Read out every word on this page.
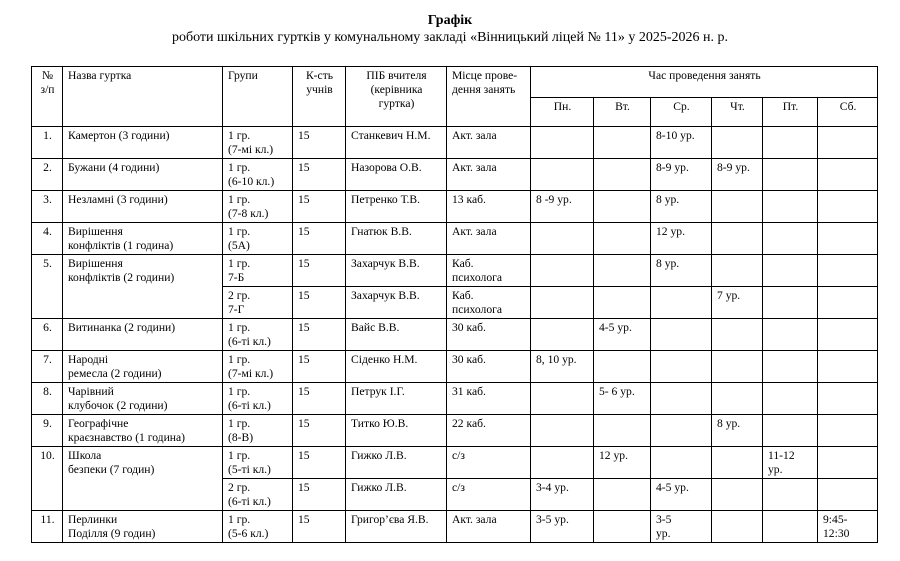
Графік
роботи шкільних гуртків у комунальному закладі «Вінницький ліцей № 11» у 2025-2026 н. р.
№
з/п	Назва гуртка	Групи	К-сть
учнів	ПІБ вчителя
(керівника
гуртка)	Місце прове-
дення занять	Час проведення занять					
						Пн.	Вт.	Ср.	Чт.	Пт.	Сб.
1.	Камертон (3 години)	1 гр.
(7-мі кл.)	15	Станкевич Н.М.	Акт. зала			8-10 ур.			
2.	Бужани (4 години)	1 гр.
(6-10 кл.)	15	Назорова О.В.	Акт. зала			8-9 ур.	8-9 ур.		
3.	Незламні (3 години)	1 гр.
(7-8 кл.)	15	Петренко Т.В.	13 каб.	8 -9 ур.		8 ур.			
4.	Вирішення
конфліктів (1 година)	1 гр.
(5А)	15	Гнатюк В.В.	Акт. зала			12 ур.			
5.	Вирішення
конфліктів (2 години)	1 гр.
7-Б	15	Захарчук В.В.	Каб.
психолога			8 ур.			
		2 гр.
7-Г	15	Захарчук В.В.	Каб.
психолога				7 ур.		
6.	Витинанка (2 години)	1 гр.
(6-ті кл.)	15	Вайс В.В.	30 каб.		4-5 ур.				
7.	Народні
ремесла (2 години)	1 гр.
(7-мі кл.)	15	Сіденко Н.М.	30 каб.	8, 10 ур.					
8.	Чарівний
клубочок (2 години)	1 гр.
(6-ті кл.)	15	Петрук І.Г.	31 каб.		5- 6 ур.				
9.	Географічне
краєзнавство (1 година)	1 гр.
(8-В)	15	Титко Ю.В.	22 каб.				8 ур.		
10.	Школа
безпеки (7 годин)	1 гр.
(5-ті кл.)	15	Гижко Л.В.	с/з		12 ур.			11-12
ур.	
		2 гр.
(6-ті кл.)	15	Гижко Л.В.	с/з	3-4 ур.		4-5 ур.			
11.	Перлинки
Поділля (9 годин)	1 гр.
(5-6 кл.)	15	Григор’єва Я.В.	Акт. зала	3-5 ур.		3-5
ур.			9:45-
12:30
